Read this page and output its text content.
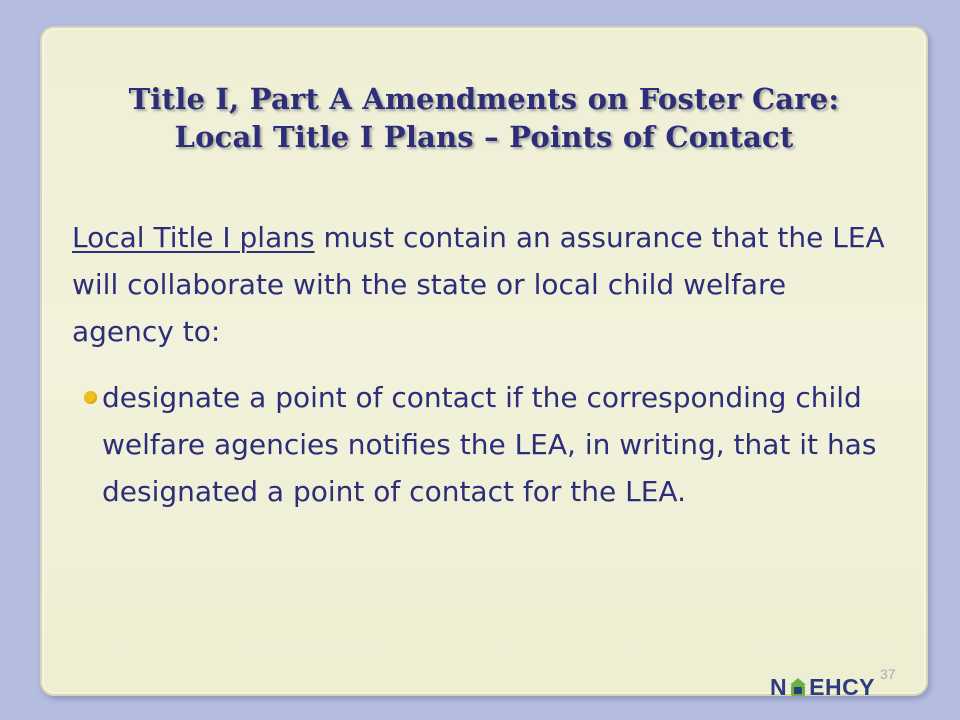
Title I, Part A Amendments on Foster Care:
Local Title I Plans – Points of Contact
Local Title I plans must contain an assurance that the LEA will collaborate with the state or local child welfare agency to:
designate a point of contact if the corresponding child welfare agencies notifies the LEA, in writing, that it has designated a point of contact for the LEA.
N EHCY 37
